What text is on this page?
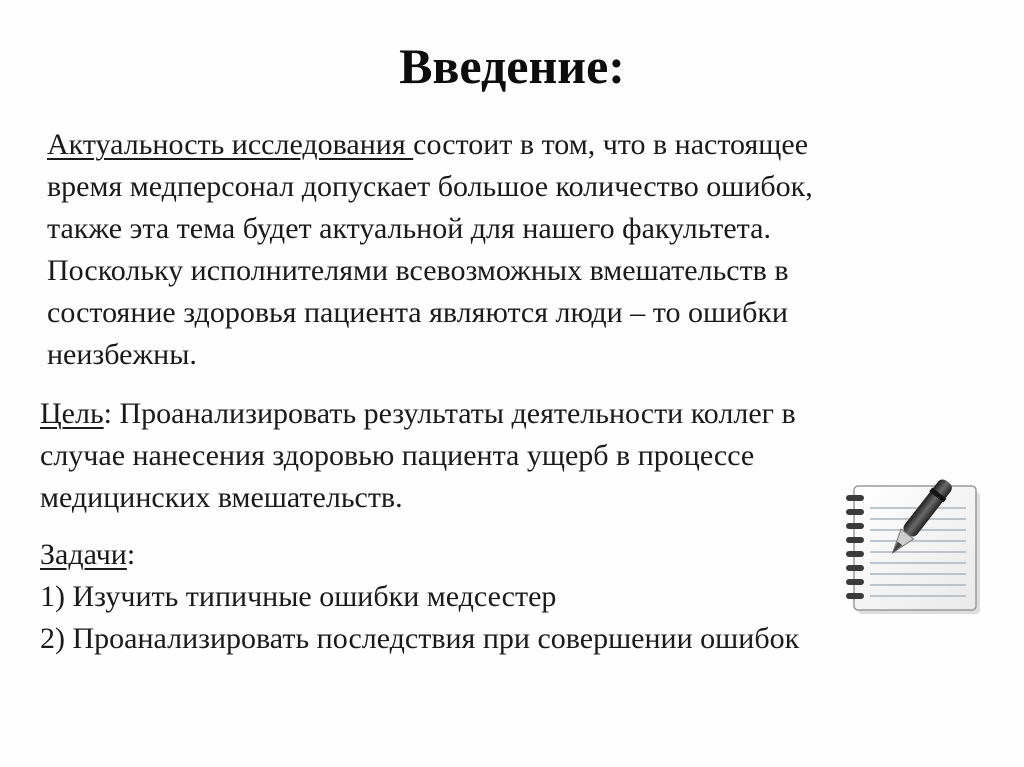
Введение:
Актуальность исследования состоит в том, что в настоящее
время медперсонал допускает большое количество ошибок,
также эта тема будет актуальной для нашего факультета.
Поскольку исполнителями всевозможных вмешательств в
состояние здоровья пациента являются люди – то ошибки
неизбежны.
Цель: Проанализировать результаты деятельности коллег в
случае нанесения здоровью пациента ущерб в процессе
медицинских вмешательств.
Задачи:
1) Изучить типичные ошибки медсестер
2) Проанализировать последствия при совершении ошибок
